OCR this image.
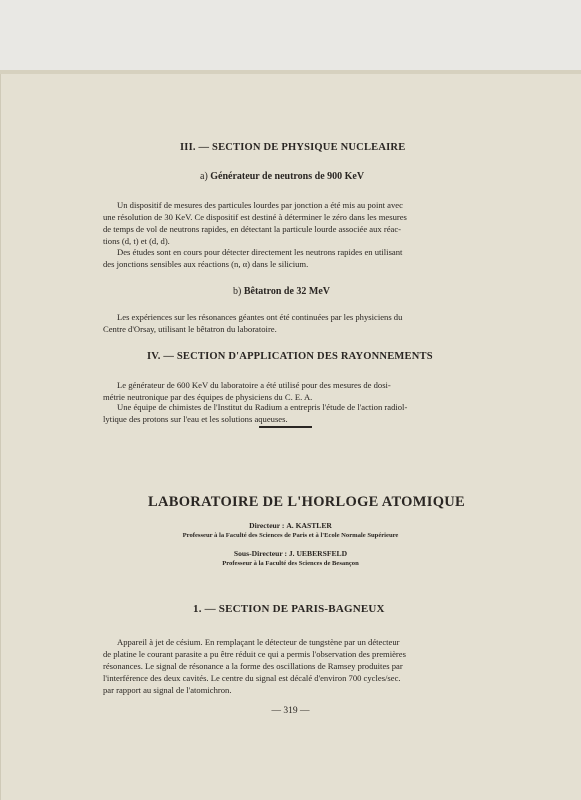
III. — SECTION DE PHYSIQUE NUCLEAIRE
a) Générateur de neutrons de 900 KeV
Un dispositif de mesures des particules lourdes par jonction a été mis au point avec
une résolution de 30 KeV. Ce dispositif est destiné à déterminer le zéro dans les mesures
de temps de vol de neutrons rapides, en détectant la particule lourde associée aux réac-
tions (d, t) et (d, d).
Des études sont en cours pour détecter directement les neutrons rapides en utilisant
des jonctions sensibles aux réactions (n, α) dans le silicium.
b) Bêtatron de 32 MeV
Les expériences sur les résonances géantes ont été continuées par les physiciens du
Centre d'Orsay, utilisant le bêtatron du laboratoire.
IV. — SECTION D'APPLICATION DES RAYONNEMENTS
Le générateur de 600 KeV du laboratoire a été utilisé pour des mesures de dosi-
métrie neutronique par des équipes de physiciens du C. E. A.
Une équipe de chimistes de l'Institut du Radium a entrepris l'étude de l'action radiol-
lytique des protons sur l'eau et les solutions aqueuses.
LABORATOIRE DE L'HORLOGE ATOMIQUE
Directeur : A. KASTLER
Professeur à la Faculté des Sciences de Paris et à l'Ecole Normale Supérieure
Sous-Directeur : J. UEBERSFELD
Professeur à la Faculté des Sciences de Besançon
1. — SECTION DE PARIS-BAGNEUX
Appareil à jet de césium. En remplaçant le détecteur de tungstène par un détecteur
de platine le courant parasite a pu être réduit ce qui a permis l'observation des premières
résonances. Le signal de résonance a la forme des oscillations de Ramsey produites par
l'interférence des deux cavités. Le centre du signal est décalé d'environ 700 cycles/sec.
par rapport au signal de l'atomichron.
— 319 —
